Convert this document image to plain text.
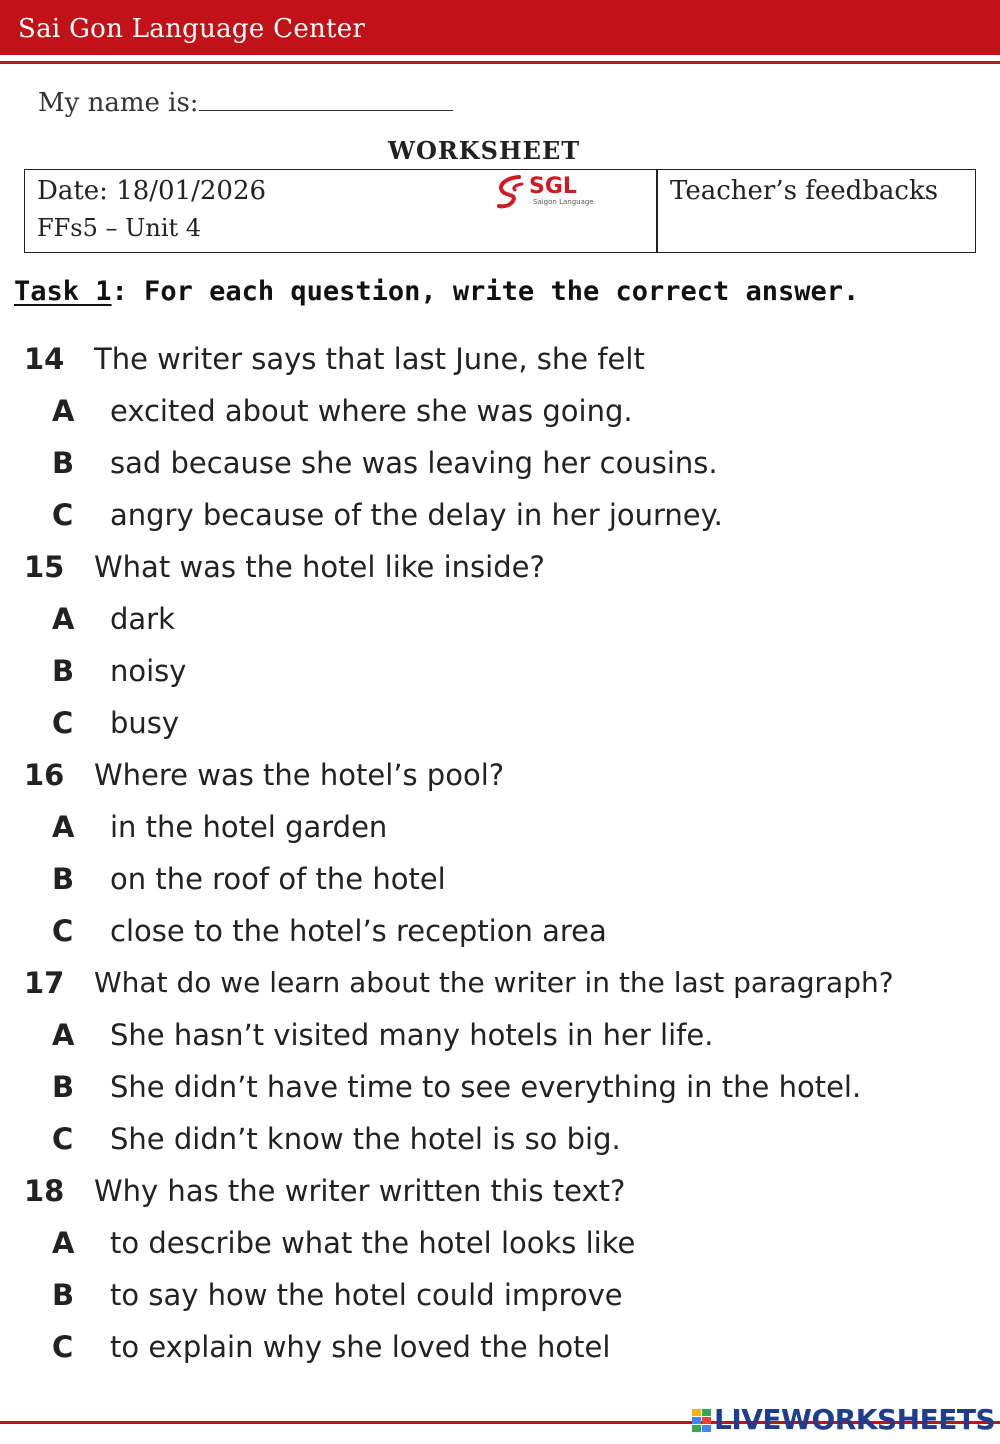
Sai Gon Language Center
My name is:
WORKSHEET
Date: 18/01/2026
FFs5 – Unit 4
SGL
Saigon Language	Teacher’s feedbacks
Task 1: For each question, write the correct answer.
14 The writer says that last June, she felt
A excited about where she was going.
B sad because she was leaving her cousins.
C angry because of the delay in her journey.
15 What was the hotel like inside?
A dark
B noisy
C busy
16 Where was the hotel’s pool?
A in the hotel garden
B on the roof of the hotel
C close to the hotel’s reception area
17 What do we learn about the writer in the last paragraph?
A She hasn’t visited many hotels in her life.
B She didn’t have time to see everything in the hotel.
C She didn’t know the hotel is so big.
18 Why has the writer written this text?
A to describe what the hotel looks like
B to say how the hotel could improve
C to explain why she loved the hotel
LIVEWORKSHEETS
